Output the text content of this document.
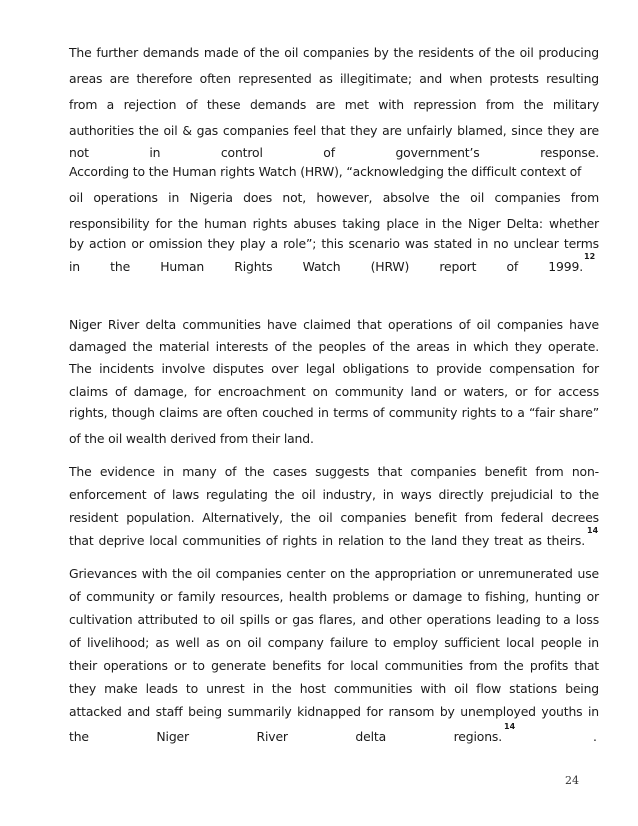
The further demands made of the oil companies by the residents of the oil producing
areas are therefore often represented as illegitimate; and when protests resulting
from a rejection of these demands are met with repression from the military
authorities the oil & gas companies feel that they are unfairly blamed, since they are
not in control of government’s response.
According to the Human rights Watch (HRW), “acknowledging the difficult context of
oil operations in Nigeria does not, however, absolve the oil companies from
responsibility for the human rights abuses taking place in the Niger Delta: whether
by action or omission they play a role”; this scenario was stated in no unclear terms
in the Human Rights Watch (HRW) report of 1999.
12
Niger River delta communities have claimed that operations of oil companies have
damaged the material interests of the peoples of the areas in which they operate.
The incidents involve disputes over legal obligations to provide compensation for
claims of damage, for encroachment on community land or waters, or for access
rights, though claims are often couched in terms of community rights to a “fair share”
of the oil wealth derived from their land.
The evidence in many of the cases suggests that companies benefit from non-
enforcement of laws regulating the oil industry, in ways directly prejudicial to the
resident population. Alternatively, the oil companies benefit from federal decrees
that deprive local communities of rights in relation to the land they treat as theirs.
14
Grievances with the oil companies center on the appropriation or unremunerated use
of community or family resources, health problems or damage to fishing, hunting or
cultivation attributed to oil spills or gas flares, and other operations leading to a loss
of livelihood; as well as on oil company failure to employ sufficient local people in
their operations or to generate benefits for local communities from the profits that
they make leads to unrest in the host communities with oil flow stations being
attacked and staff being summarily kidnapped for ransom by unemployed youths in
the Niger River delta regions.
14
.
24
